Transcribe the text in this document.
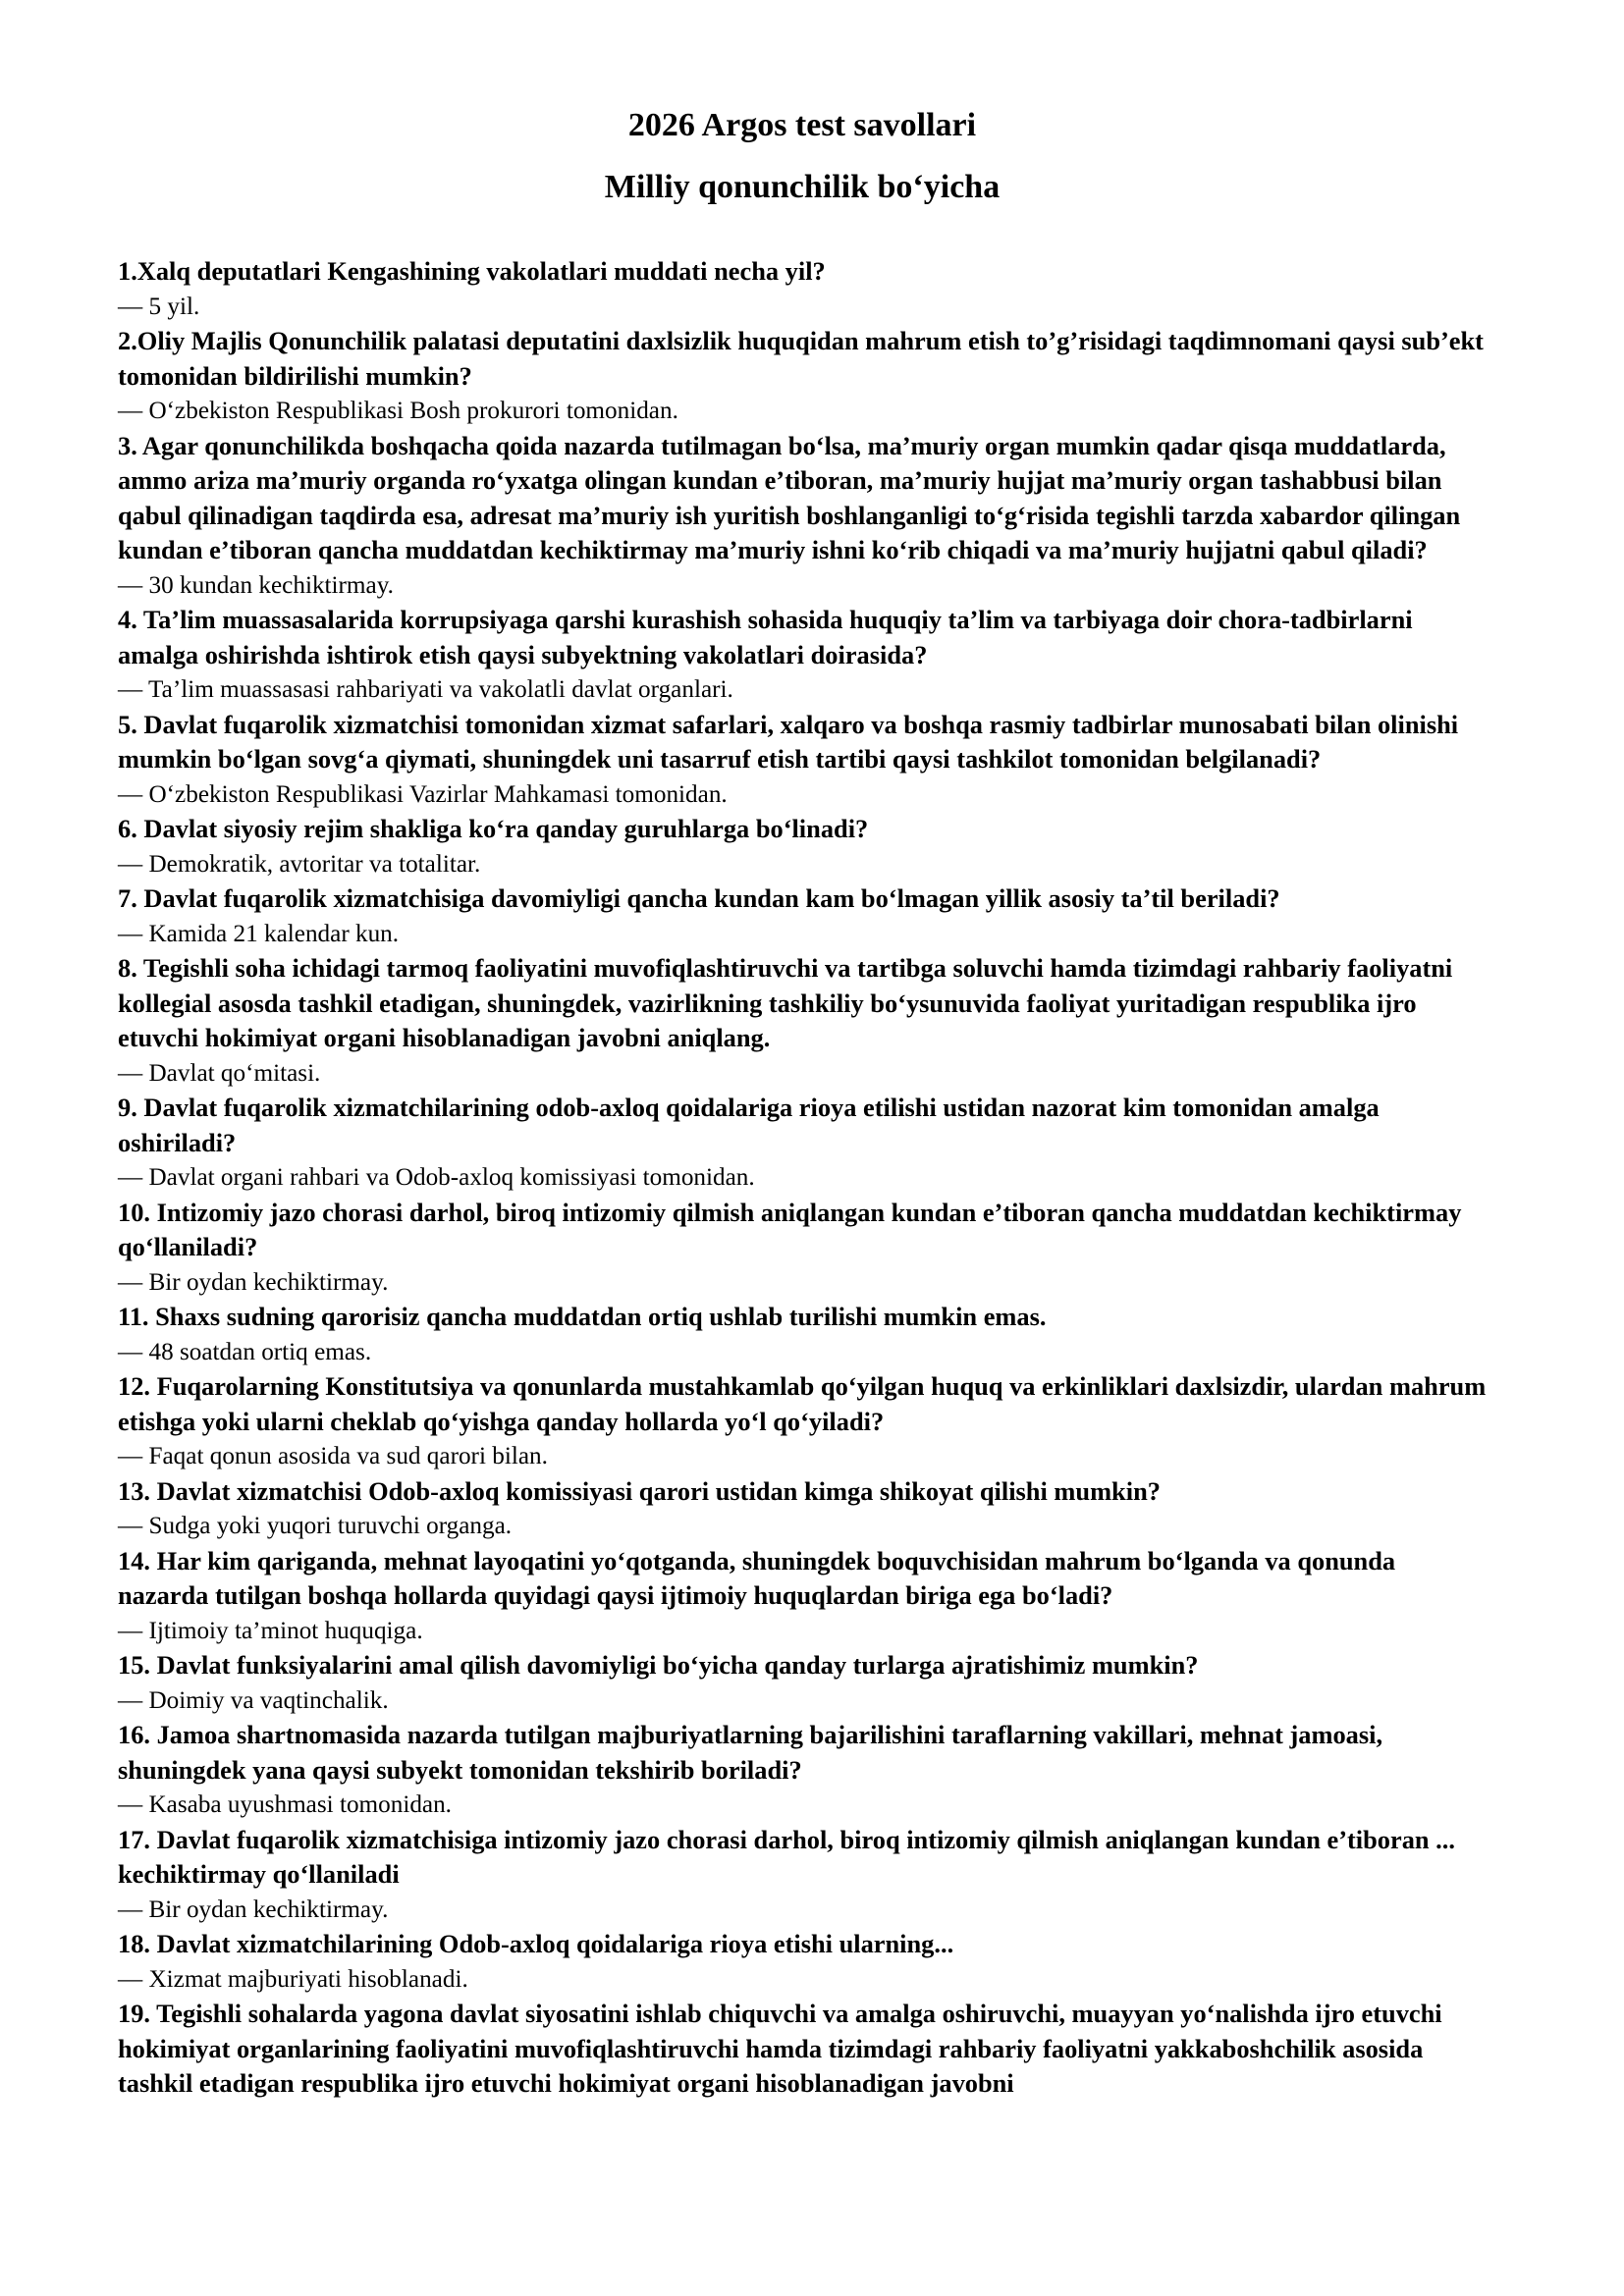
2026 Argos test savollari
Milliy qonunchilik bo‘yicha

1.Xalq deputatlari Kengashining vakolatlari muddati necha yil?

— 5 yil.

2.Oliy Majlis Qonunchilik palatasi deputatini daxlsizlik huquqidan mahrum etish to’g’risidagi taqdimnomani qaysi sub’ekt tomonidan bildirilishi mumkin?

— O‘zbekiston Respublikasi Bosh prokurori tomonidan.

3. Agar qonunchilikda boshqacha qoida nazarda tutilmagan bo‘lsa, ma’muriy organ mumkin qadar qisqa muddatlarda, ammo ariza ma’muriy organda ro‘yxatga olingan kundan e’tiboran, ma’muriy hujjat ma’muriy organ tashabbusi bilan qabul qilinadigan taqdirda esa, adresat ma’muriy ish yuritish boshlanganligi to‘g‘risida tegishli tarzda xabardor qilingan kundan e’tiboran qancha muddatdan kechiktirmay ma’muriy ishni ko‘rib chiqadi va ma’muriy hujjatni qabul qiladi?

— 30 kundan kechiktirmay.

4. Ta’lim muassasalarida korrupsiyaga qarshi kurashish sohasida huquqiy ta’lim va tarbiyaga doir chora-tadbirlarni amalga oshirishda ishtirok etish qaysi subyektning vakolatlari doirasida?

— Ta’lim muassasasi rahbariyati va vakolatli davlat organlari.

5. Davlat fuqarolik xizmatchisi tomonidan xizmat safarlari, xalqaro va boshqa rasmiy tadbirlar munosabati bilan olinishi mumkin bo‘lgan sovg‘a qiymati, shuningdek uni tasarruf etish tartibi qaysi tashkilot tomonidan belgilanadi?

— O‘zbekiston Respublikasi Vazirlar Mahkamasi tomonidan.

6. Davlat siyosiy rejim shakliga ko‘ra qanday guruhlarga bo‘linadi?

— Demokratik, avtoritar va totalitar.

7. Davlat fuqarolik xizmatchisiga davomiyligi qancha kundan kam bo‘lmagan yillik asosiy ta’til beriladi?

— Kamida 21 kalendar kun.

8. Tegishli soha ichidagi tarmoq faoliyatini muvofiqlashtiruvchi va tartibga soluvchi hamda tizimdagi rahbariy faoliyatni kollegial asosda tashkil etadigan, shuningdek, vazirlikning tashkiliy bo‘ysunuvida faoliyat yuritadigan respublika ijro etuvchi hokimiyat organi hisoblanadigan javobni aniqlang.

— Davlat qo‘mitasi.

9. Davlat fuqarolik xizmatchilarining odob-axloq qoidalariga rioya etilishi ustidan nazorat kim tomonidan amalga oshiriladi?

— Davlat organi rahbari va Odob-axloq komissiyasi tomonidan.

10. Intizomiy jazo chorasi darhol, biroq intizomiy qilmish aniqlangan kundan e’tiboran qancha muddatdan kechiktirmay qo‘llaniladi?

— Bir oydan kechiktirmay.

11. Shaxs sudning qarorisiz qancha muddatdan ortiq ushlab turilishi mumkin emas.

— 48 soatdan ortiq emas.

12. Fuqarolarning Konstitutsiya va qonunlarda mustahkamlab qo‘yilgan huquq va erkinliklari daxlsizdir, ulardan mahrum etishga yoki ularni cheklab qo‘yishga qanday hollarda yo‘l qo‘yiladi?

— Faqat qonun asosida va sud qarori bilan.

13. Davlat xizmatchisi Odob-axloq komissiyasi qarori ustidan kimga shikoyat qilishi mumkin?

— Sudga yoki yuqori turuvchi organga.

14. Har kim qariganda, mehnat layoqatini yo‘qotganda, shuningdek boquvchisidan mahrum bo‘lganda va qonunda nazarda tutilgan boshqa hollarda quyidagi qaysi ijtimoiy huquqlardan biriga ega bo‘ladi?

— Ijtimoiy ta’minot huquqiga.

15. Davlat funksiyalarini amal qilish davomiyligi bo‘yicha qanday turlarga ajratishimiz mumkin?

— Doimiy va vaqtinchalik.

16. Jamoa shartnomasida nazarda tutilgan majburiyatlarning bajarilishini taraflarning vakillari, mehnat jamoasi, shuningdek yana qaysi subyekt tomonidan tekshirib boriladi?

— Kasaba uyushmasi tomonidan.

17. Davlat fuqarolik xizmatchisiga intizomiy jazo chorasi darhol, biroq intizomiy qilmish aniqlangan kundan e’tiboran ... kechiktirmay qo‘llaniladi

— Bir oydan kechiktirmay.

18. Davlat xizmatchilarining Odob-axloq qoidalariga rioya etishi ularning...

— Xizmat majburiyati hisoblanadi.

19. Tegishli sohalarda yagona davlat siyosatini ishlab chiquvchi va amalga oshiruvchi, muayyan yo‘nalishda ijro etuvchi hokimiyat organlarining faoliyatini muvofiqlashtiruvchi hamda tizimdagi rahbariy faoliyatni yakkaboshchilik asosida tashkil etadigan respublika ijro etuvchi hokimiyat organi hisoblanadigan javobni
